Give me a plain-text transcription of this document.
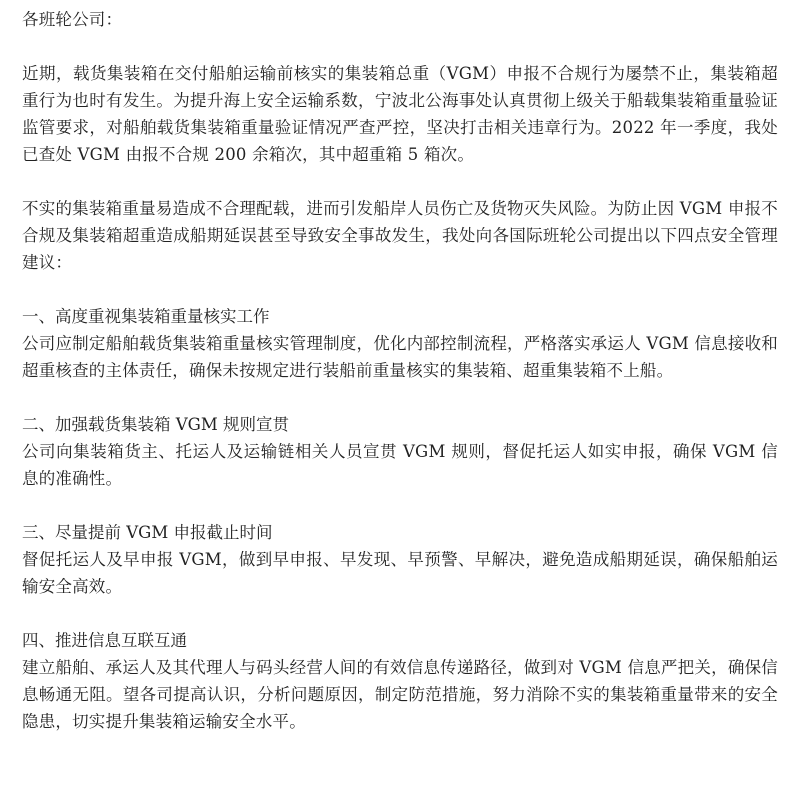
各班轮公司：

近期，载货集装箱在交付船舶运输前核实的集装箱总重（VGM）申报不合规行为屡禁不止，集装箱超重行为也时有发生。为提升海上安全运输系数，宁波北公海事处认真贯彻上级关于船载集装箱重量验证监管要求，对船舶载货集装箱重量验证情况严查严控，坚决打击相关违章行为。2022 年一季度，我处已查处 VGM 由报不合规 200 余箱次，其中超重箱 5 箱次。

不实的集装箱重量易造成不合理配载，进而引发船岸人员伤亡及货物灭失风险。为防止因 VGM 申报不合规及集装箱超重造成船期延误甚至导致安全事故发生，我处向各国际班轮公司提出以下四点安全管理建议：

一、高度重视集装箱重量核实工作

公司应制定船舶载货集装箱重量核实管理制度，优化内部控制流程，严格落实承运人 VGM 信息接收和超重核查的主体责任，确保未按规定进行装船前重量核实的集装箱、超重集装箱不上船。

二、加强载货集装箱 VGM 规则宣贯

公司向集装箱货主、托运人及运输链相关人员宣贯 VGM 规则，督促托运人如实申报，确保 VGM 信息的准确性。

三、尽量提前 VGM 申报截止时间

督促托运人及早申报 VGM，做到早申报、早发现、早预警、早解决，避免造成船期延误，确保船舶运输安全高效。

四、推进信息互联互通

建立船舶、承运人及其代理人与码头经营人间的有效信息传递路径，做到对 VGM 信息严把关，确保信息畅通无阻。望各司提高认识，分析问题原因，制定防范措施，努力消除不实的集装箱重量带来的安全隐患，切实提升集装箱运输安全水平。
